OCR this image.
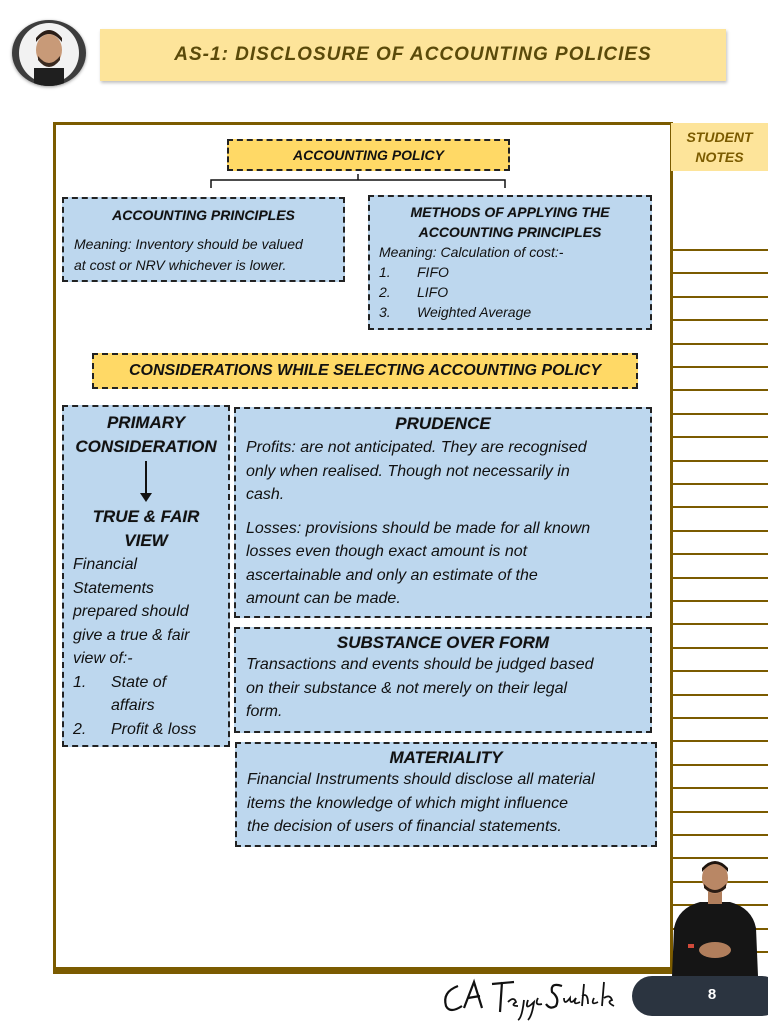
AS-1: DISCLOSURE OF ACCOUNTING POLICIES
ACCOUNTING POLICY
ACCOUNTING PRINCIPLES
Meaning: Inventory should be valued
at cost or NRV whichever is lower.
METHODS OF APPLYING THE
ACCOUNTING PRINCIPLES
Meaning: Calculation of cost:-
1.	FIFO
2.	LIFO
3.	Weighted Average
CONSIDERATIONS WHILE SELECTING ACCOUNTING POLICY
PRIMARY
CONSIDERATION
TRUE & FAIR
VIEW
Financial
Statements
prepared should
give a true & fair
view of:-
1.	State of
affairs
2.	Profit & loss
PRUDENCE
Profits: are not anticipated. They are recognised
only when realised. Though not necessarily in
cash.
Losses: provisions should be made for all known
losses even though exact amount is not
ascertainable and only an estimate of the
amount can be made.
SUBSTANCE OVER FORM
Transactions and events should be judged based
on their substance & not merely on their legal
form.
MATERIALITY
Financial Instruments should disclose all material
items the knowledge of which might influence
the decision of users of financial statements.
STUDENT
NOTES
8
